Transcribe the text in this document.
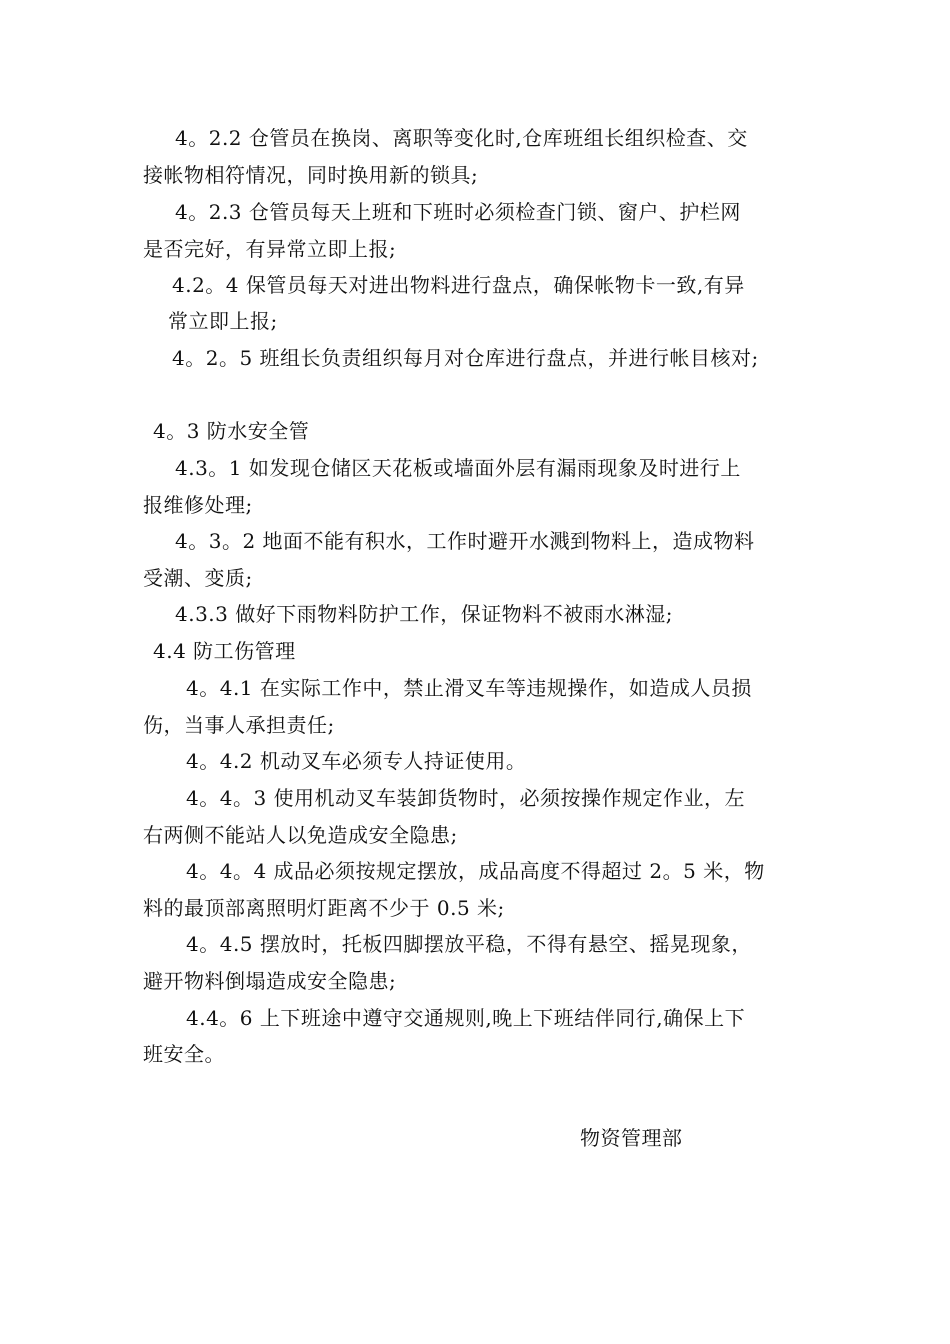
4。2.2 仓管员在换岗、离职等变化时,仓库班组长组织检查、交
接帐物相符情况，同时换用新的锁具;
4。2.3 仓管员每天上班和下班时必须检查门锁、窗户、护栏网
是否完好，有异常立即上报;
4.2。4 保管员每天对进出物料进行盘点，确保帐物卡一致,有异
常立即上报;
4。2。5 班组长负责组织每月对仓库进行盘点，并进行帐目核对;
4。3 防水安全管
4.3。1 如发现仓储区天花板或墙面外层有漏雨现象及时进行上
报维修处理;
4。3。2 地面不能有积水，工作时避开水溅到物料上，造成物料
受潮、变质;
4.3.3 做好下雨物料防护工作，保证物料不被雨水淋湿;
4.4 防工伤管理
4。4.1 在实际工作中，禁止滑叉车等违规操作，如造成人员损
伤，当事人承担责任;
4。4.2 机动叉车必须专人持证使用。
4。4。3 使用机动叉车装卸货物时，必须按操作规定作业，左
右两侧不能站人以免造成安全隐患;
4。4。4 成品必须按规定摆放，成品高度不得超过 2。5 米，物
料的最顶部离照明灯距离不少于 0.5 米;
4。4.5 摆放时，托板四脚摆放平稳，不得有悬空、摇晃现象，
避开物料倒塌造成安全隐患;
4.4。6 上下班途中遵守交通规则,晚上下班结伴同行,确保上下
班安全。
物资管理部
